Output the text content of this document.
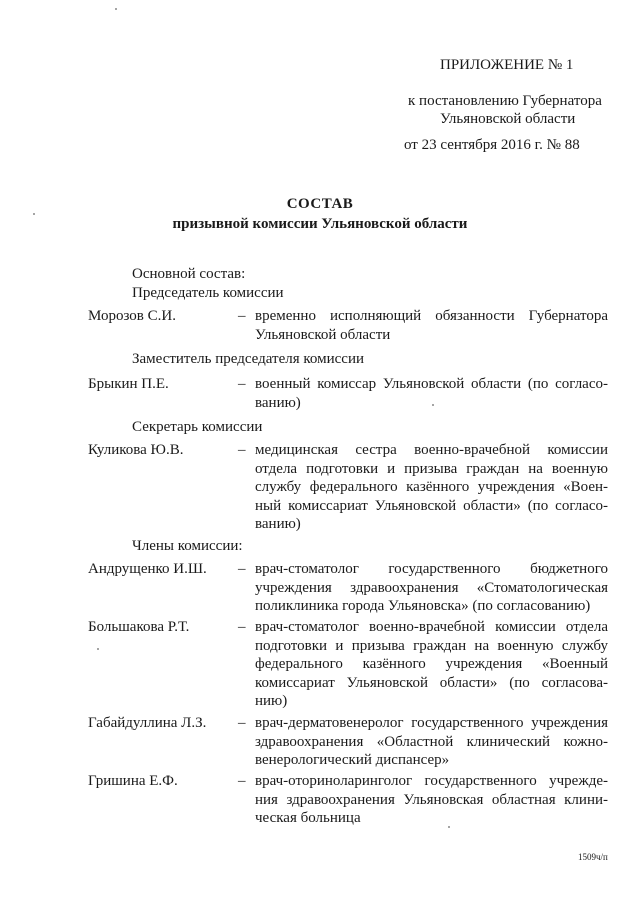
ПРИЛОЖЕНИЕ № 1
к постановлению Губернатора
Ульяновской области
от 23 сентября 2016 г. № 88
СОСТАВ
призывной комиссии Ульяновской области
Основной состав:
Председатель комиссии
Морозов С.И.	– временно исполняющий обязанности Губернатора
Ульяновской области
Заместитель председателя комиссии
Брыкин П.Е.	– военный комиссар Ульяновской области (по согласо-
ванию)
Секретарь комиссии
Куликова Ю.В.	– медицинская сестра военно-врачебной комиссии
отдела подготовки и призыва граждан на военную
службу федерального казённого учреждения «Воен-
ный комиссариат Ульяновской области» (по согласо-
ванию)
Члены комиссии:
Андрущенко И.Ш. – врач-стоматолог государственного бюджетного
учреждения здравоохранения «Стоматологическая
поликлиника города Ульяновска» (по согласованию)
Большакова Р.Т.	– врач-стоматолог военно-врачебной комиссии отдела
подготовки и призыва граждан на военную службу
федерального казённого учреждения «Военный
комиссариат Ульяновской области» (по согласова-
нию)
Габайдуллина Л.З. – врач-дерматовенеролог государственного учреждения
здравоохранения «Областной клинический кожно-
венерологический диспансер»
Гришина Е.Ф.	– врач-оториноларинголог государственного учрежде-
ния здравоохранения Ульяновская областная клини-
ческая больница
1509ч/п
